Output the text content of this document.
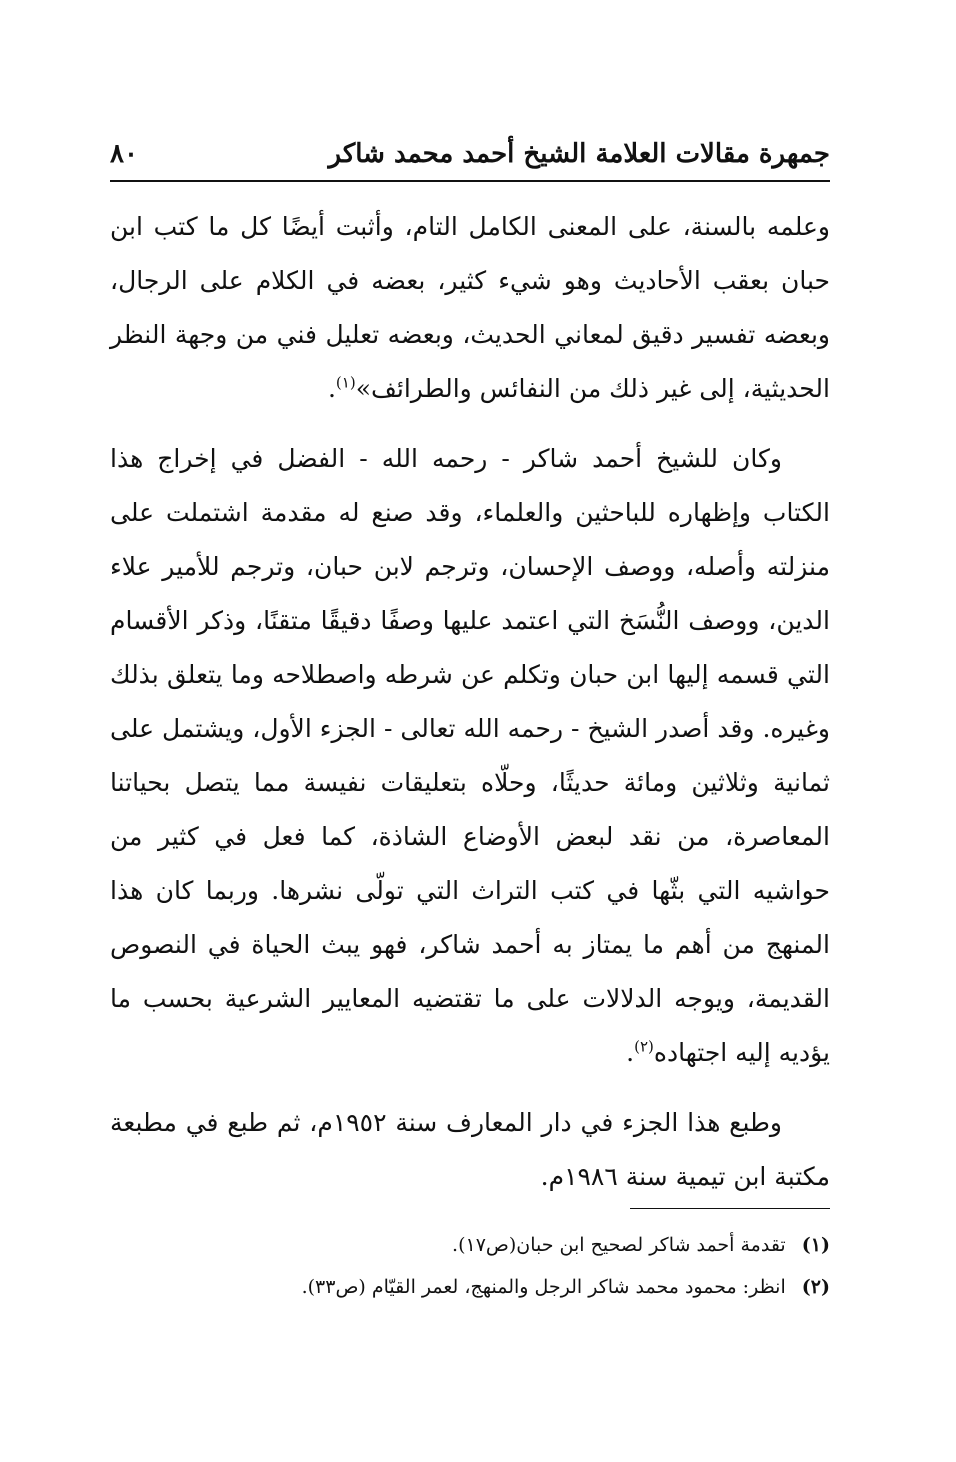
جمهرة مقالات العلامة الشيخ أحمد محمد شاكر
٨٠

وعلمه بالسنة، على المعنى الكامل التام، وأثبت أيضًا كل ما كتب ابن حبان بعقب الأحاديث وهو شيء كثير، بعضه في الكلام على الرجال، وبعضه تفسير دقيق لمعاني الحديث، وبعضه تعليل فني من وجهة النظر الحديثية، إلى غير ذلك من النفائس والطرائف»$^{(١)}$.

وكان للشيخ أحمد شاكر - رحمه الله - الفضل في إخراج هذا الكتاب وإظهاره للباحثين والعلماء، وقد صنع له مقدمة اشتملت على منزلته وأصله، ووصف الإحسان، وترجم لابن حبان، وترجم للأمير علاء الدين، ووصف النُّسَخ التي اعتمد عليها وصفًا دقيقًا متقنًا، وذكر الأقسام التي قسمه إليها ابن حبان وتكلم عن شرطه واصطلاحه وما يتعلق بذلك وغيره. وقد أصدر الشيخ - رحمه الله تعالى - الجزء الأول، ويشتمل على ثمانية وثلاثين ومائة حديثًا، وحلّاه بتعليقات نفيسة مما يتصل بحياتنا المعاصرة، من نقد لبعض الأوضاع الشاذة، كما فعل في كثير من حواشيه التي بثّها في كتب التراث التي تولّى نشرها. وربما كان هذا المنهج من أهم ما يمتاز به أحمد شاكر، فهو يبث الحياة في النصوص القديمة، ويوجه الدلالات على ما تقتضيه المعايير الشرعية بحسب ما يؤديه إليه اجتهاده$^{(٢)}$.

وطبع هذا الجزء في دار المعارف سنة ١٩٥٢م، ثم طبع في مطبعة مكتبة ابن تيمية سنة ١٩٨٦م.

(١) تقدمة أحمد شاكر لصحيح ابن حبان(ص١٧).
(٢) انظر: محمود محمد شاكر الرجل والمنهج، لعمر القيّام (ص٣٣).
